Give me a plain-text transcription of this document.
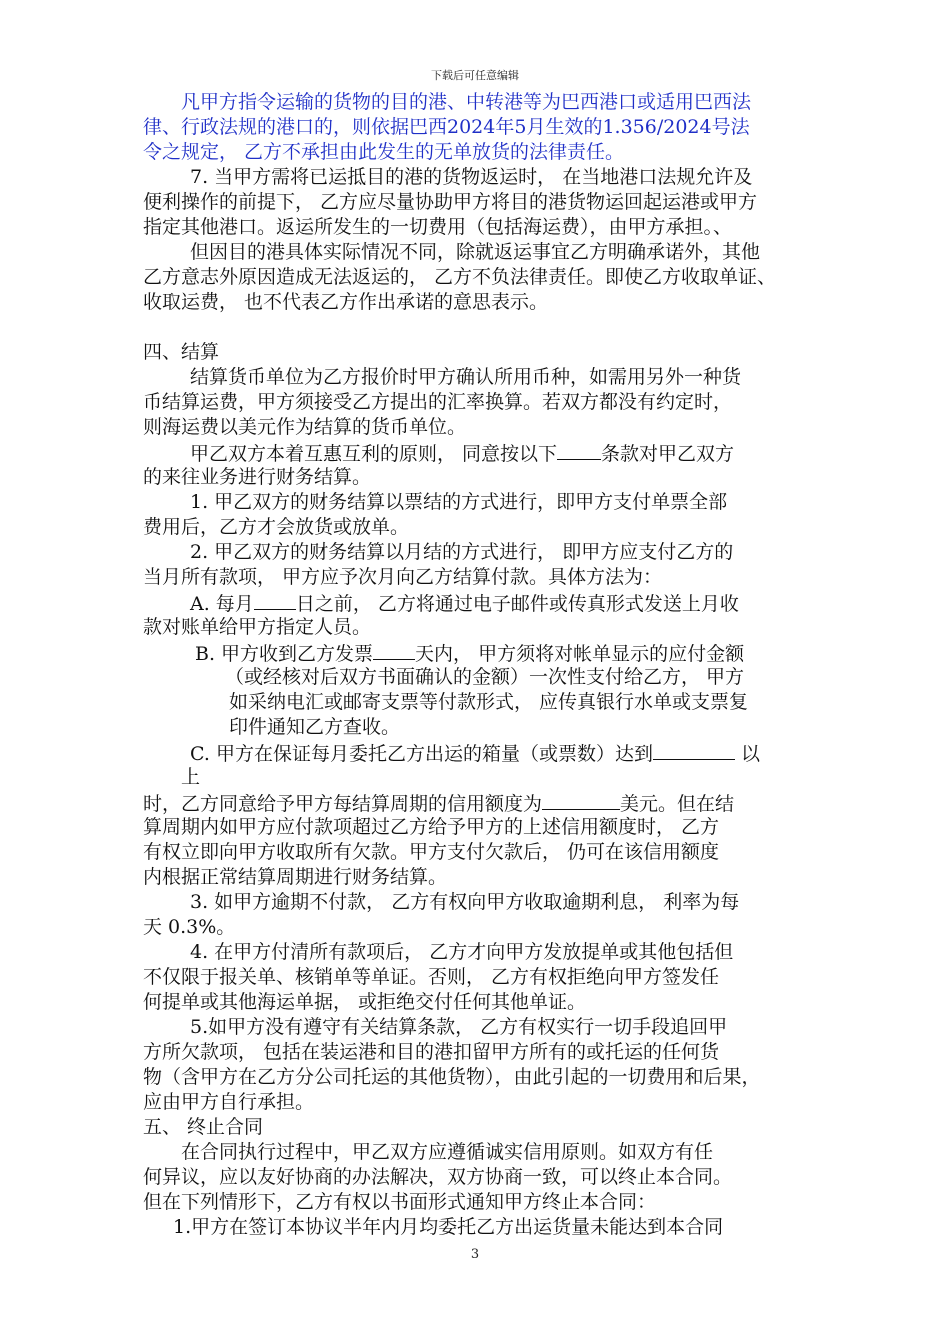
下载后可任意编辑
凡甲方指令运输的货物的目的港、中转港等为巴西港口或适用巴西法
律、行政法规的港口的，则依据巴西2024年5月生效的1.356/2024号法
令之规定， 乙方不承担由此发生的无单放货的法律责任。
7. 当甲方需将已运抵目的港的货物返运时， 在当地港口法规允许及
便利操作的前提下， 乙方应尽量协助甲方将目的港货物运回起运港或甲方
指定其他港口。返运所发生的一切费用（包括海运费），由甲方承担。、
但因目的港具体实际情况不同，除就返运事宜乙方明确承诺外，其他
乙方意志外原因造成无法返运的， 乙方不负法律责任。即使乙方收取单证、
收取运费， 也不代表乙方作出承诺的意思表示。
四、结算
结算货币单位为乙方报价时甲方确认所用币种，如需用另外一种货
币结算运费，甲方须接受乙方提出的汇率换算。若双方都没有约定时，
则海运费以美元作为结算的货币单位。
甲乙双方本着互惠互利的原则， 同意按以下 条款对甲乙双方
的来往业务进行财务结算。
1. 甲乙双方的财务结算以票结的方式进行，即甲方支付单票全部
费用后，乙方才会放货或放单。
2. 甲乙双方的财务结算以月结的方式进行， 即甲方应支付乙方的
当月所有款项， 甲方应予次月向乙方结算付款。具体方法为：
A. 每月 日之前， 乙方将通过电子邮件或传真形式发送上月收
款对账单给甲方指定人员。
B. 甲方收到乙方发票 天内， 甲方须将对帐单显示的应付金额
（或经核对后双方书面确认的金额）一次性支付给乙方， 甲方
如采纳电汇或邮寄支票等付款形式， 应传真银行水单或支票复
印件通知乙方查收。
C. 甲方在保证每月委托乙方出运的箱量（或票数）达到	以
上
时，乙方同意给予甲方每结算周期的信用额度为	美元。但在结
算周期内如甲方应付款项超过乙方给予甲方的上述信用额度时， 乙方
有权立即向甲方收取所有欠款。甲方支付欠款后， 仍可在该信用额度
内根据正常结算周期进行财务结算。
3. 如甲方逾期不付款， 乙方有权向甲方收取逾期利息， 利率为每
天 0.3%。
4. 在甲方付清所有款项后， 乙方才向甲方发放提单或其他包括但
不仅限于报关单、核销单等单证。否则， 乙方有权拒绝向甲方签发任
何提单或其他海运单据， 或拒绝交付任何其他单证。
5.如甲方没有遵守有关结算条款， 乙方有权实行一切手段追回甲
方所欠款项， 包括在装运港和目的港扣留甲方所有的或托运的任何货
物（含甲方在乙方分公司托运的其他货物），由此引起的一切费用和后果，
应由甲方自行承担。
五、 终止合同
在合同执行过程中，甲乙双方应遵循诚实信用原则。如双方有任
何异议，应以友好协商的办法解决，双方协商一致，可以终止本合同。
但在下列情形下，乙方有权以书面形式通知甲方终止本合同：
1.甲方在签订本协议半年内月均委托乙方出运货量未能达到本合同
3
